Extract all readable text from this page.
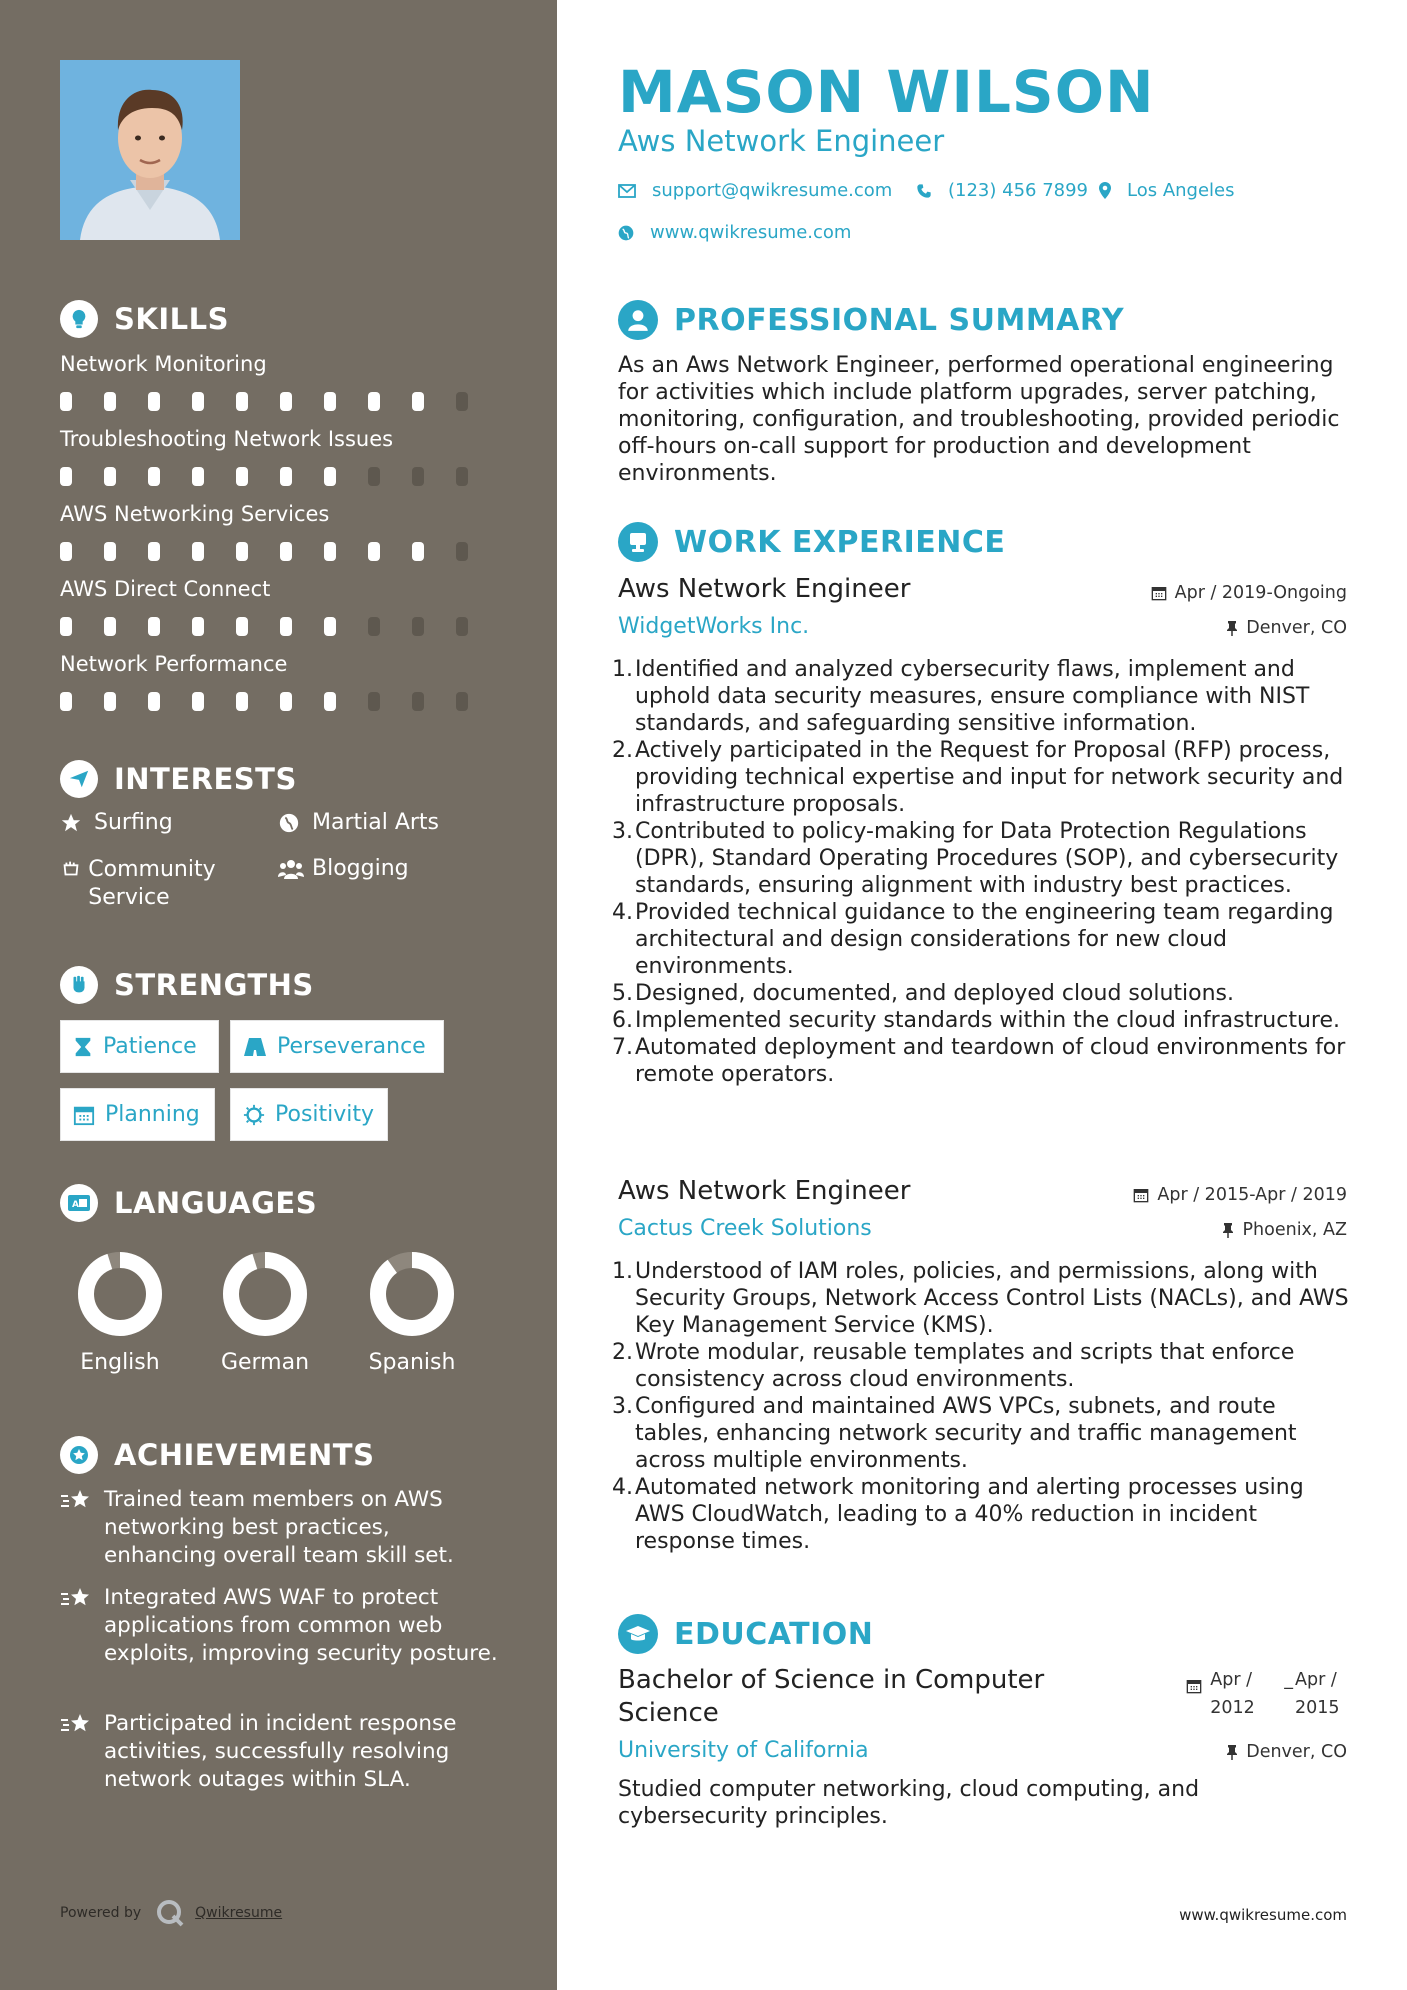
SKILLS
Network Monitoring
Troubleshooting Network Issues
AWS Networking Services
AWS Direct Connect
Network Performance
INTERESTS
Surfing	Martial Arts
Community Service
Blogging
STRENGTHS
Patience	Perseverance
Planning	Positivity
A LANGUAGES
English	German	Spanish
ACHIEVEMENTS
Trained team members on AWS networking best practices, enhancing overall team skill set.
Integrated AWS WAF to protect applications from common web exploits, improving security posture.
Participated in incident response activities, successfully resolving network outages within SLA.
Powered by	Qwikresume
MASON WILSON
Aws Network Engineer
support@qwikresume.com	(123) 456 7899 Los Angeles
www.qwikresume.com
PROFESSIONAL SUMMARY
As an Aws Network Engineer, performed operational engineering for activities which include platform upgrades, server patching, monitoring, configuration, and troubleshooting, provided periodic off-hours on-call support for production and development environments.
WORK EXPERIENCE
Aws Network Engineer	Apr / 2019-Ongoing
WidgetWorks Inc.	Denver, CO
1. Identified and analyzed cybersecurity flaws, implement and uphold data security measures, ensure compliance with NIST standards, and safeguarding sensitive information.
2. Actively participated in the Request for Proposal (RFP) process, providing technical expertise and input for network security and infrastructure proposals.
3. Contributed to policy-making for Data Protection Regulations (DPR), Standard Operating Procedures (SOP), and cybersecurity standards, ensuring alignment with industry best practices.
4. Provided technical guidance to the engineering team regarding architectural and design considerations for new cloud environments.
5. Designed, documented, and deployed cloud solutions.
6. Implemented security standards within the cloud infrastructure.
7. Automated deployment and teardown of cloud environments for remote operators.
Aws Network Engineer	Apr / 2015-Apr / 2019
Cactus Creek Solutions	Phoenix, AZ
1. Understood of IAM roles, policies, and permissions, along with Security Groups, Network Access Control Lists (NACLs), and AWS Key Management Service (KMS).
2. Wrote modular, reusable templates and scripts that enforce consistency across cloud environments.
3. Configured and maintained AWS VPCs, subnets, and route tables, enhancing network security and traffic management across multiple environments.
4. Automated network monitoring and alerting processes using AWS CloudWatch, leading to a 40% reduction in incident response times.
EDUCATION
Bachelor of Science in Computer Science
Apr / 2012
_ Apr / 2015
University of California	Denver, CO
Studied computer networking, cloud computing, and cybersecurity principles.
www.qwikresume.com
